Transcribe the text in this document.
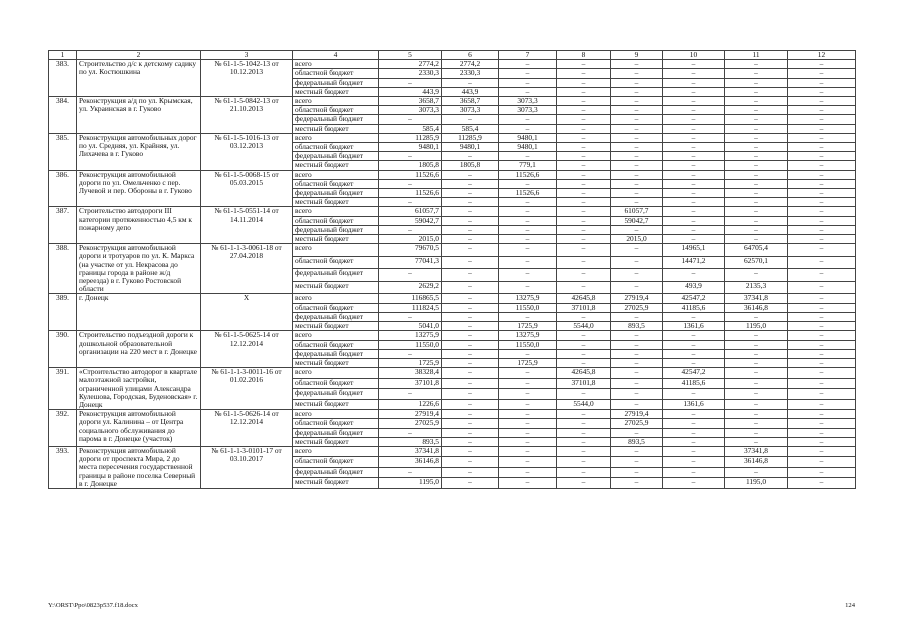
1	2	3	4	5	6	7	8	9	10	11	12
383.	Строительство д/с к детскому садику по ул. Костюшкина	№ 61-1-5-1042-13 от 10.12.2013	всего	2774,2	2774,2	–	–	–	–	–	–
			областной бюджет	2330,3	2330,3	–	–	–	–	–	–
			федеральный бюджет	–	–	–	–	–	–	–	–
			местный бюджет	443,9	443,9	–	–	–	–	–	–
384.	Реконструкция а/д по ул. Крымская, ул. Украинская в г. Гуково	№ 61-1-5-0842-13 от 21.10.2013	всего	3658,7	3658,7	3073,3	–	–	–	–	–
			областной бюджет	3073,3	3073,3	3073,3	–	–	–	–	–
			федеральный бюджет	–	–	–	–	–	–	–	–
			местный бюджет	585,4	585,4	–	–	–	–	–	–
385.	Реконструкция автомобильных дорог по ул. Средняя, ул. Крайняя, ул. Лихачева в г. Гуково	№ 61-1-5-1016-13 от 03.12.2013	всего	11285,9	11285,9	9480,1	–	–	–	–	–
			областной бюджет	9480,1	9480,1	9480,1	–	–	–	–	–
			федеральный бюджет	–	–	–	–	–	–	–	–
			местный бюджет	1805,8	1805,8	779,1	–	–	–	–	–
386.	Реконструкция автомобильной дороги по ул. Омельченко с пер. Лучевой и пер. Обороны в г. Гуково	№ 61-1-5-0068-15 от 05.03.2015	всего	11526,6	–	11526,6	–	–	–	–	–
			областной бюджет	–	–	–	–	–	–	–	–
			федеральный бюджет	11526,6	–	11526,6	–	–	–	–	–
			местный бюджет	–	–	–	–	–	–	–	–
387.	Строительство автодороги III категории протяженностью 4,5 км к пожарному депо	№ 61-1-5-0551-14 от 14.11.2014	всего	61057,7	–	–	–	61057,7	–	–	–
			областной бюджет	59042,7	–	–	–	59042,7	–	–	–
			федеральный бюджет	–	–	–	–	–	–	–	–
			местный бюджет	2015,0	–	–	–	2015,0	–	–	–
388.	Реконструкция автомобильной дороги и тротуаров по ул. К. Маркса (на участке от ул. Некрасова до границы города в районе ж/д переезда) в г. Гуково Ростовской области	№ 61-1-1-3-0061-18 от 27.04.2018	всего	79670,5	–	–	–	–	14965,1	64705,4	–
			областной бюджет	77041,3	–	–	–	–	14471,2	62570,1	–
			федеральный бюджет	–	–	–	–	–	–	–	–
			местный бюджет	2629,2	–	–	–	–	493,9	2135,3	–
389.	г. Донецк	X	всего	116865,5	–	13275,9	42645,8	27919,4	42547,2	37341,8	–
			областной бюджет	111824,5	–	11550,0	37101,8	27025,9	41185,6	36146,8	–
			федеральный бюджет	–	–	–	–	–	–	–	–
			местный бюджет	5041,0	–	1725,9	5544,0	893,5	1361,6	1195,0	–
390.	Строительство подъездной дороги к дошкольной образовательной организации на 220 мест в г. Донецке	№ 61-1-5-0625-14 от 12.12.2014	всего	13275,9	–	13275,9	–	–	–	–	–
			областной бюджет	11550,0	–	11550,0	–	–	–	–	–
			федеральный бюджет	–	–	–	–	–	–	–	–
			местный бюджет	1725,9	–	1725,9	–	–	–	–	–
391.	«Строительство автодорог в квартале малоэтажной застройки, ограниченной улицами Александра Кулешова, Городская, Буденовская» г. Донецк	№ 61-1-1-3-0011-16 от 01.02.2016	всего	38328,4	–	–	42645,8	–	42547,2	–	–
			областной бюджет	37101,8	–	–	37101,8	–	41185,6	–	–
			федеральный бюджет	–	–	–	–	–	–	–	–
			местный бюджет	1226,6	–	–	5544,0	–	1361,6	–	–
392.	Реконструкция автомобильной дороги ул. Калинина – от Центра социального обслуживания до парома в г. Донецке (участок)	№ 61-1-5-0626-14 от 12.12.2014	всего	27919,4	–	–	–	27919,4	–	–	–
			областной бюджет	27025,9	–	–	–	27025,9	–	–	–
			федеральный бюджет	–	–	–	–	–	–	–	–
			местный бюджет	893,5	–	–	–	893,5	–	–	–
393.	Реконструкция автомобильной дороги от проспекта Мира, 2 до места пересечения государственной границы в районе поселка Северный в г. Донецке	№ 61-1-1-3-0101-17 от 03.10.2017	всего	37341,8	–	–	–	–	–	37341,8	–
			областной бюджет	36146,8	–	–	–	–	–	36146,8	–
			федеральный бюджет	–	–	–	–	–	–	–	–
			местный бюджет	1195,0	–	–	–	–	–	1195,0	–
Y:\ORST\Ppo\0823p537.f18.docx	124
